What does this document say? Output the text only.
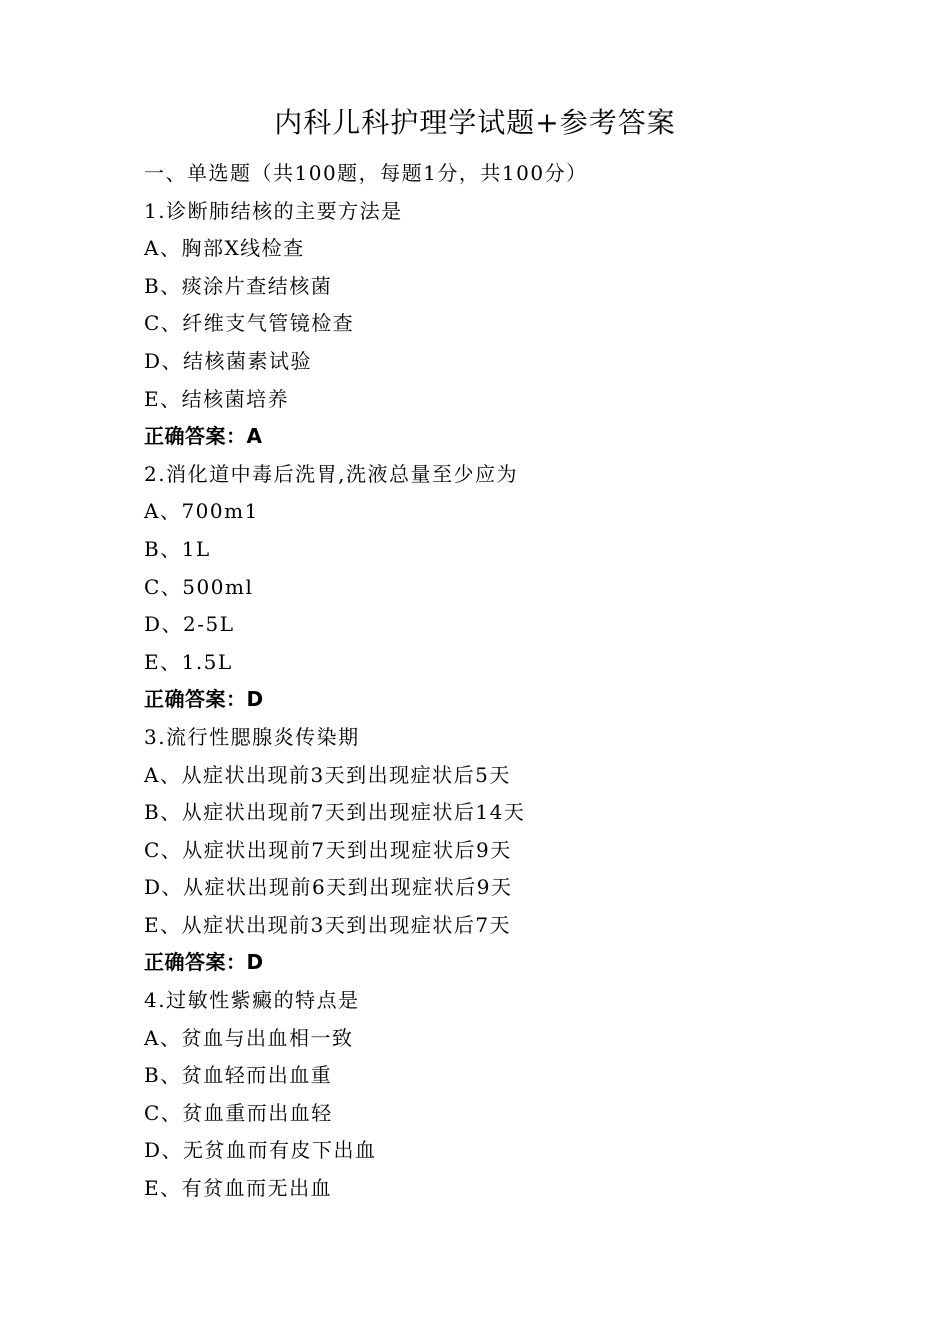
内科儿科护理学试题+参考答案
一、单选题（共100题，每题1分，共100分）
1.诊断肺结核的主要方法是
A、胸部X线检查
B、痰涂片查结核菌
C、纤维支气管镜检查
D、结核菌素试验
E、结核菌培养
正确答案：A
2.消化道中毒后洗胃,洗液总量至少应为
A、700m1
B、1L
C、500ml
D、2-5L
E、1.5L
正确答案：D
3.流行性腮腺炎传染期
A、从症状出现前3天到出现症状后5天
B、从症状出现前7天到出现症状后14天
C、从症状出现前7天到出现症状后9天
D、从症状出现前6天到出现症状后9天
E、从症状出现前3天到出现症状后7天
正确答案：D
4.过敏性紫癜的特点是
A、贫血与出血相一致
B、贫血轻而出血重
C、贫血重而出血轻
D、无贫血而有皮下出血
E、有贫血而无出血
